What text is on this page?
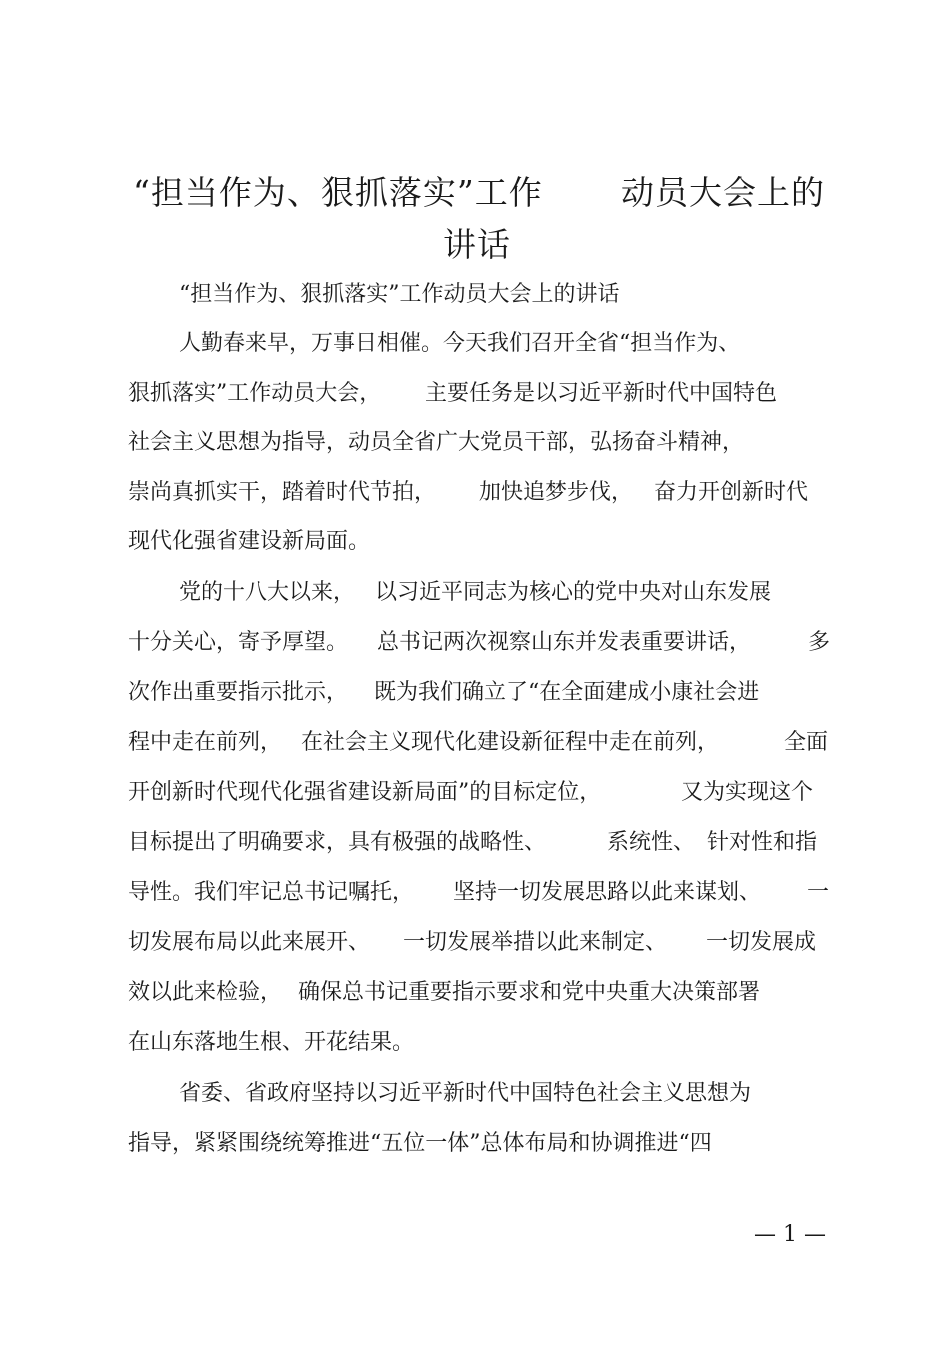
“担当作为、狠抓落实”工作 动员大会上的
讲话
“担当作为、狠抓落实”工作动员大会上的讲话
人勤春来早，万事日相催。今天我们召开全省“担当作为、
狠抓落实”工作动员大会， 主要任务是以习近平新时代中国特色
社会主义思想为指导，动员全省广大党员干部，弘扬奋斗精神，
崇尚真抓实干，踏着时代节拍， 加快追梦步伐， 奋力开创新时代
现代化强省建设新局面。
党的十八大以来， 以习近平同志为核心的党中央对山东发展
十分关心，寄予厚望。 总书记两次视察山东并发表重要讲话，	多
次作出重要指示批示， 既为我们确立了“在全面建成小康社会进
程中走在前列， 在社会主义现代化建设新征程中走在前列，	全面
开创新时代现代化强省建设新局面”的目标定位，	又为实现这个
目标提出了明确要求，具有极强的战略性、	系统性、 针对性和指
导性。我们牢记总书记嘱托， 坚持一切发展思路以此来谋划、 一
切发展布局以此来展开、 一切发展举措以此来制定、 一切发展成
效以此来检验， 确保总书记重要指示要求和党中央重大决策部署
在山东落地生根、开花结果。
省委、省政府坚持以习近平新时代中国特色社会主义思想为
指导，紧紧围绕统筹推进“五位一体”总体布局和协调推进“四
— 1 —
